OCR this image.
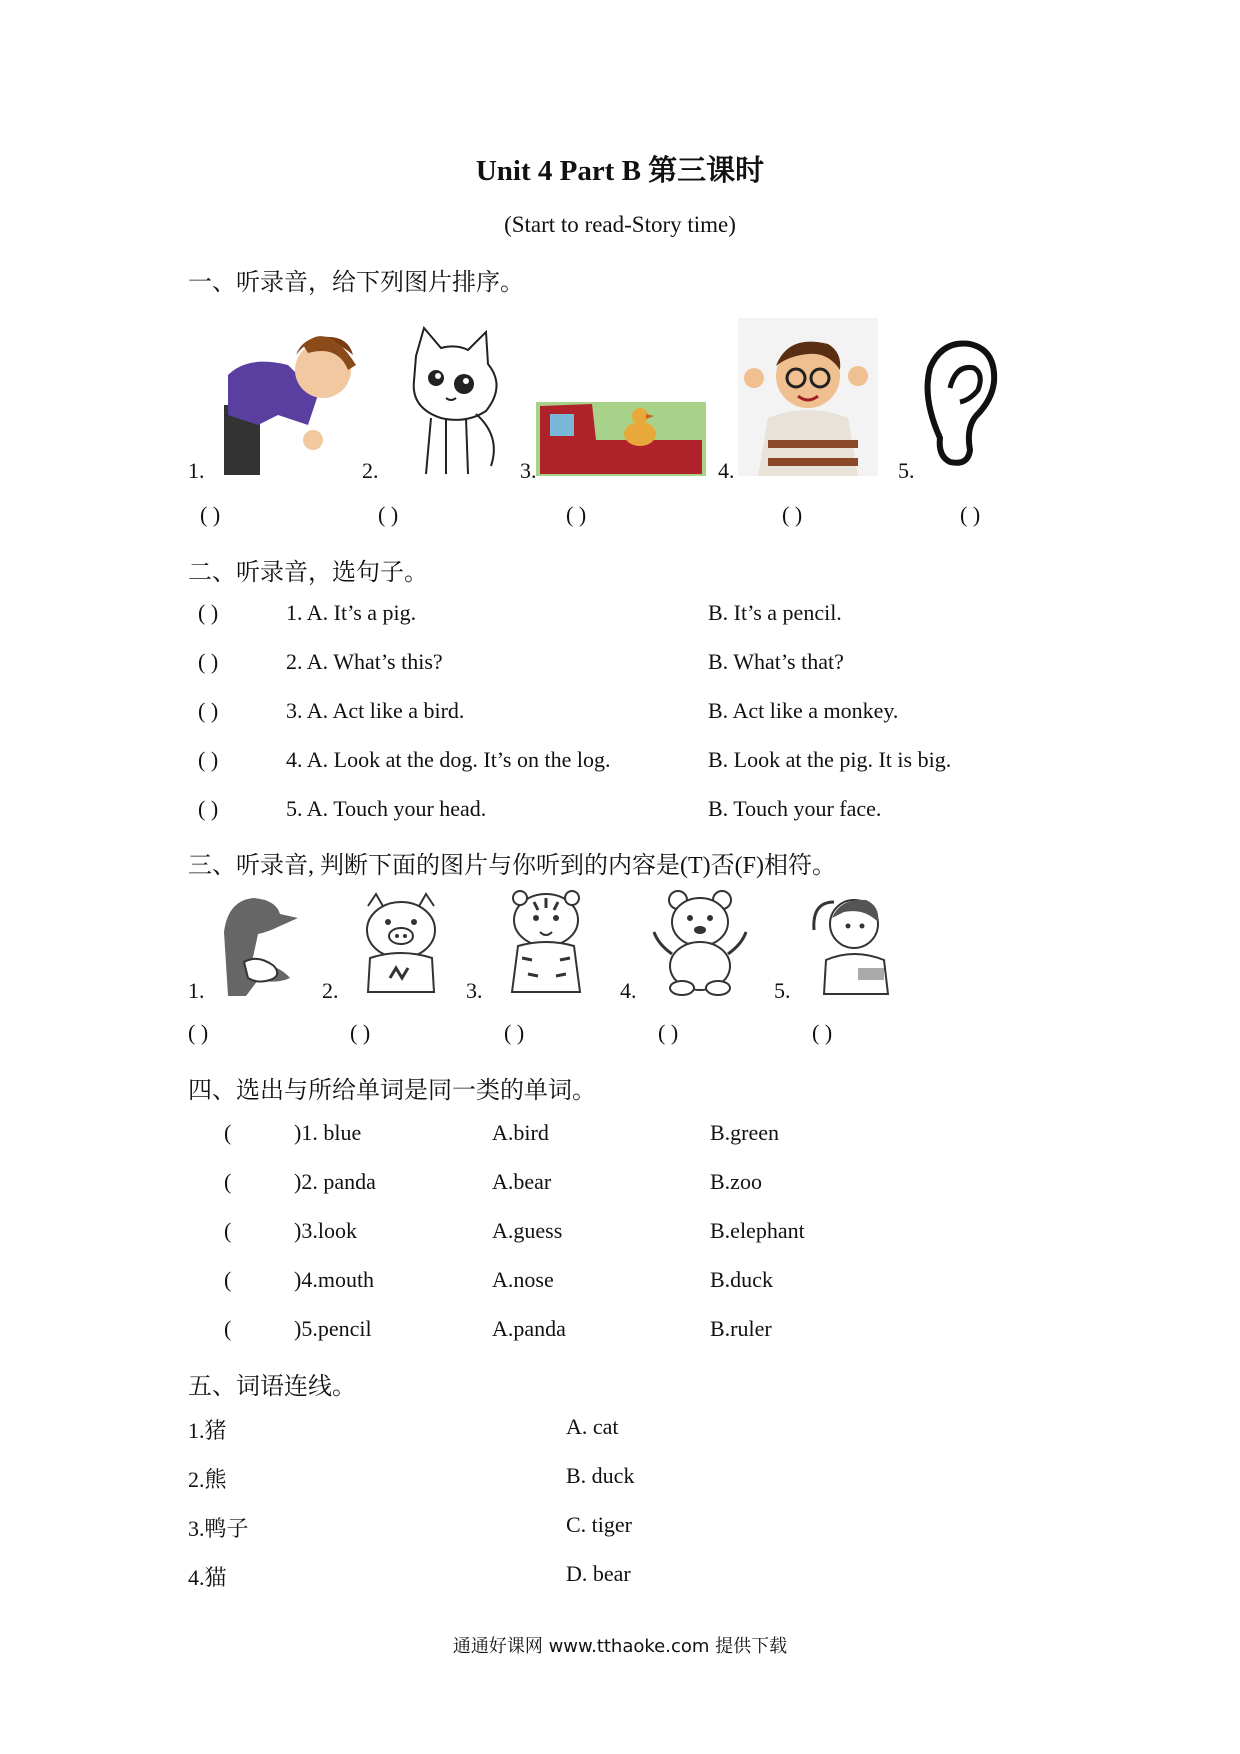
Unit 4 Part B 第三课时
(Start to read-Story time)
一、听录音，给下列图片排序。
1.	2.	3.	4.	5.
( )	( )	( )	( )	( )
二、听录音，选句子。
( )	1. A. It’s a pig.	B. It’s a pencil.
( )	2. A. What’s this?	B. What’s that?
( )	3. A. Act like a bird.	B. Act like a monkey.
( )	4. A. Look at the dog. It’s on the log.	B. Look at the pig. It is big.
( )	5. A. Touch your head.	B. Touch your face.
三、听录音, 判断下面的图片与你听到的内容是(T)否(F)相符。
1.	2.	3.	4.	5.
( )	( )	( )	( )	( )
四、选出与所给单词是同一类的单词。
(	)1. blue	A.bird	B.green
(	)2. panda	A.bear	B.zoo
(	)3.look	A.guess	B.elephant
(	)4.mouth	A.nose	B.duck
(	)5.pencil	A.panda	B.ruler
五、词语连线。
1.猪	A. cat
2.熊	B. duck
3.鸭子	C. tiger
4.猫	D. bear
通通好课网 www.tthaoke.com 提供下载
